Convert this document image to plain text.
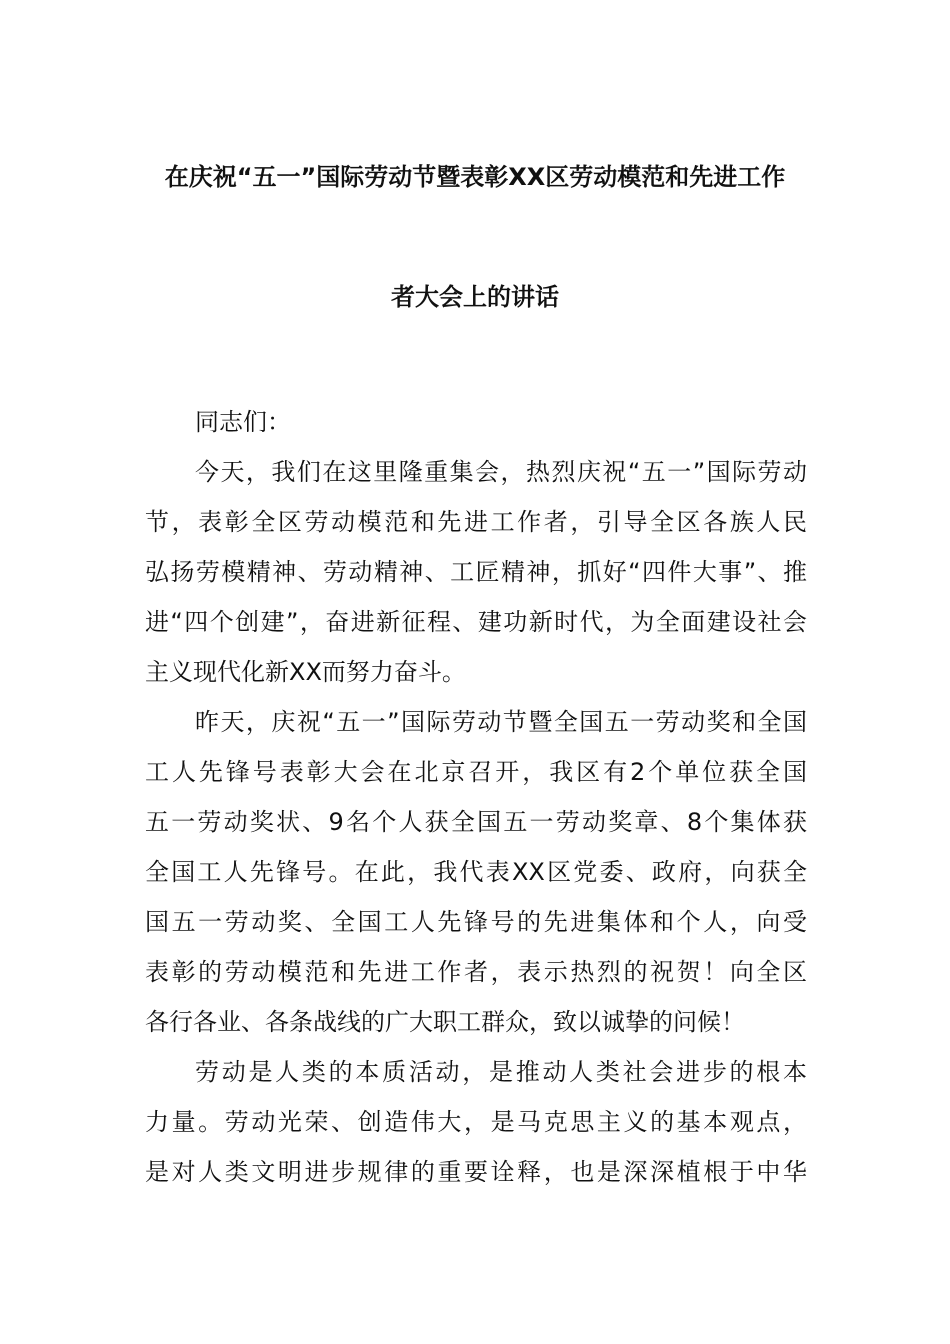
在庆祝“五一”国际劳动节暨表彰XX区劳动模范和先进工作
者大会上的讲话
同志们：
今天，我们在这里隆重集会，热烈庆祝“五一”国际劳动
节，表彰全区劳动模范和先进工作者，引导全区各族人民
弘扬劳模精神、劳动精神、工匠精神，抓好“四件大事”、推
进“四个创建”，奋进新征程、建功新时代，为全面建设社会
主义现代化新XX而努力奋斗。
昨天，庆祝“五一”国际劳动节暨全国五一劳动奖和全国
工人先锋号表彰大会在北京召开，我区有2个单位获全国
五一劳动奖状、9名个人获全国五一劳动奖章、8个集体获
全国工人先锋号。在此，我代表XX区党委、政府，向获全
国五一劳动奖、全国工人先锋号的先进集体和个人，向受
表彰的劳动模范和先进工作者，表示热烈的祝贺！向全区
各行各业、各条战线的广大职工群众，致以诚挚的问候！
劳动是人类的本质活动，是推动人类社会进步的根本
力量。劳动光荣、创造伟大，是马克思主义的基本观点，
是对人类文明进步规律的重要诠释，也是深深植根于中华
